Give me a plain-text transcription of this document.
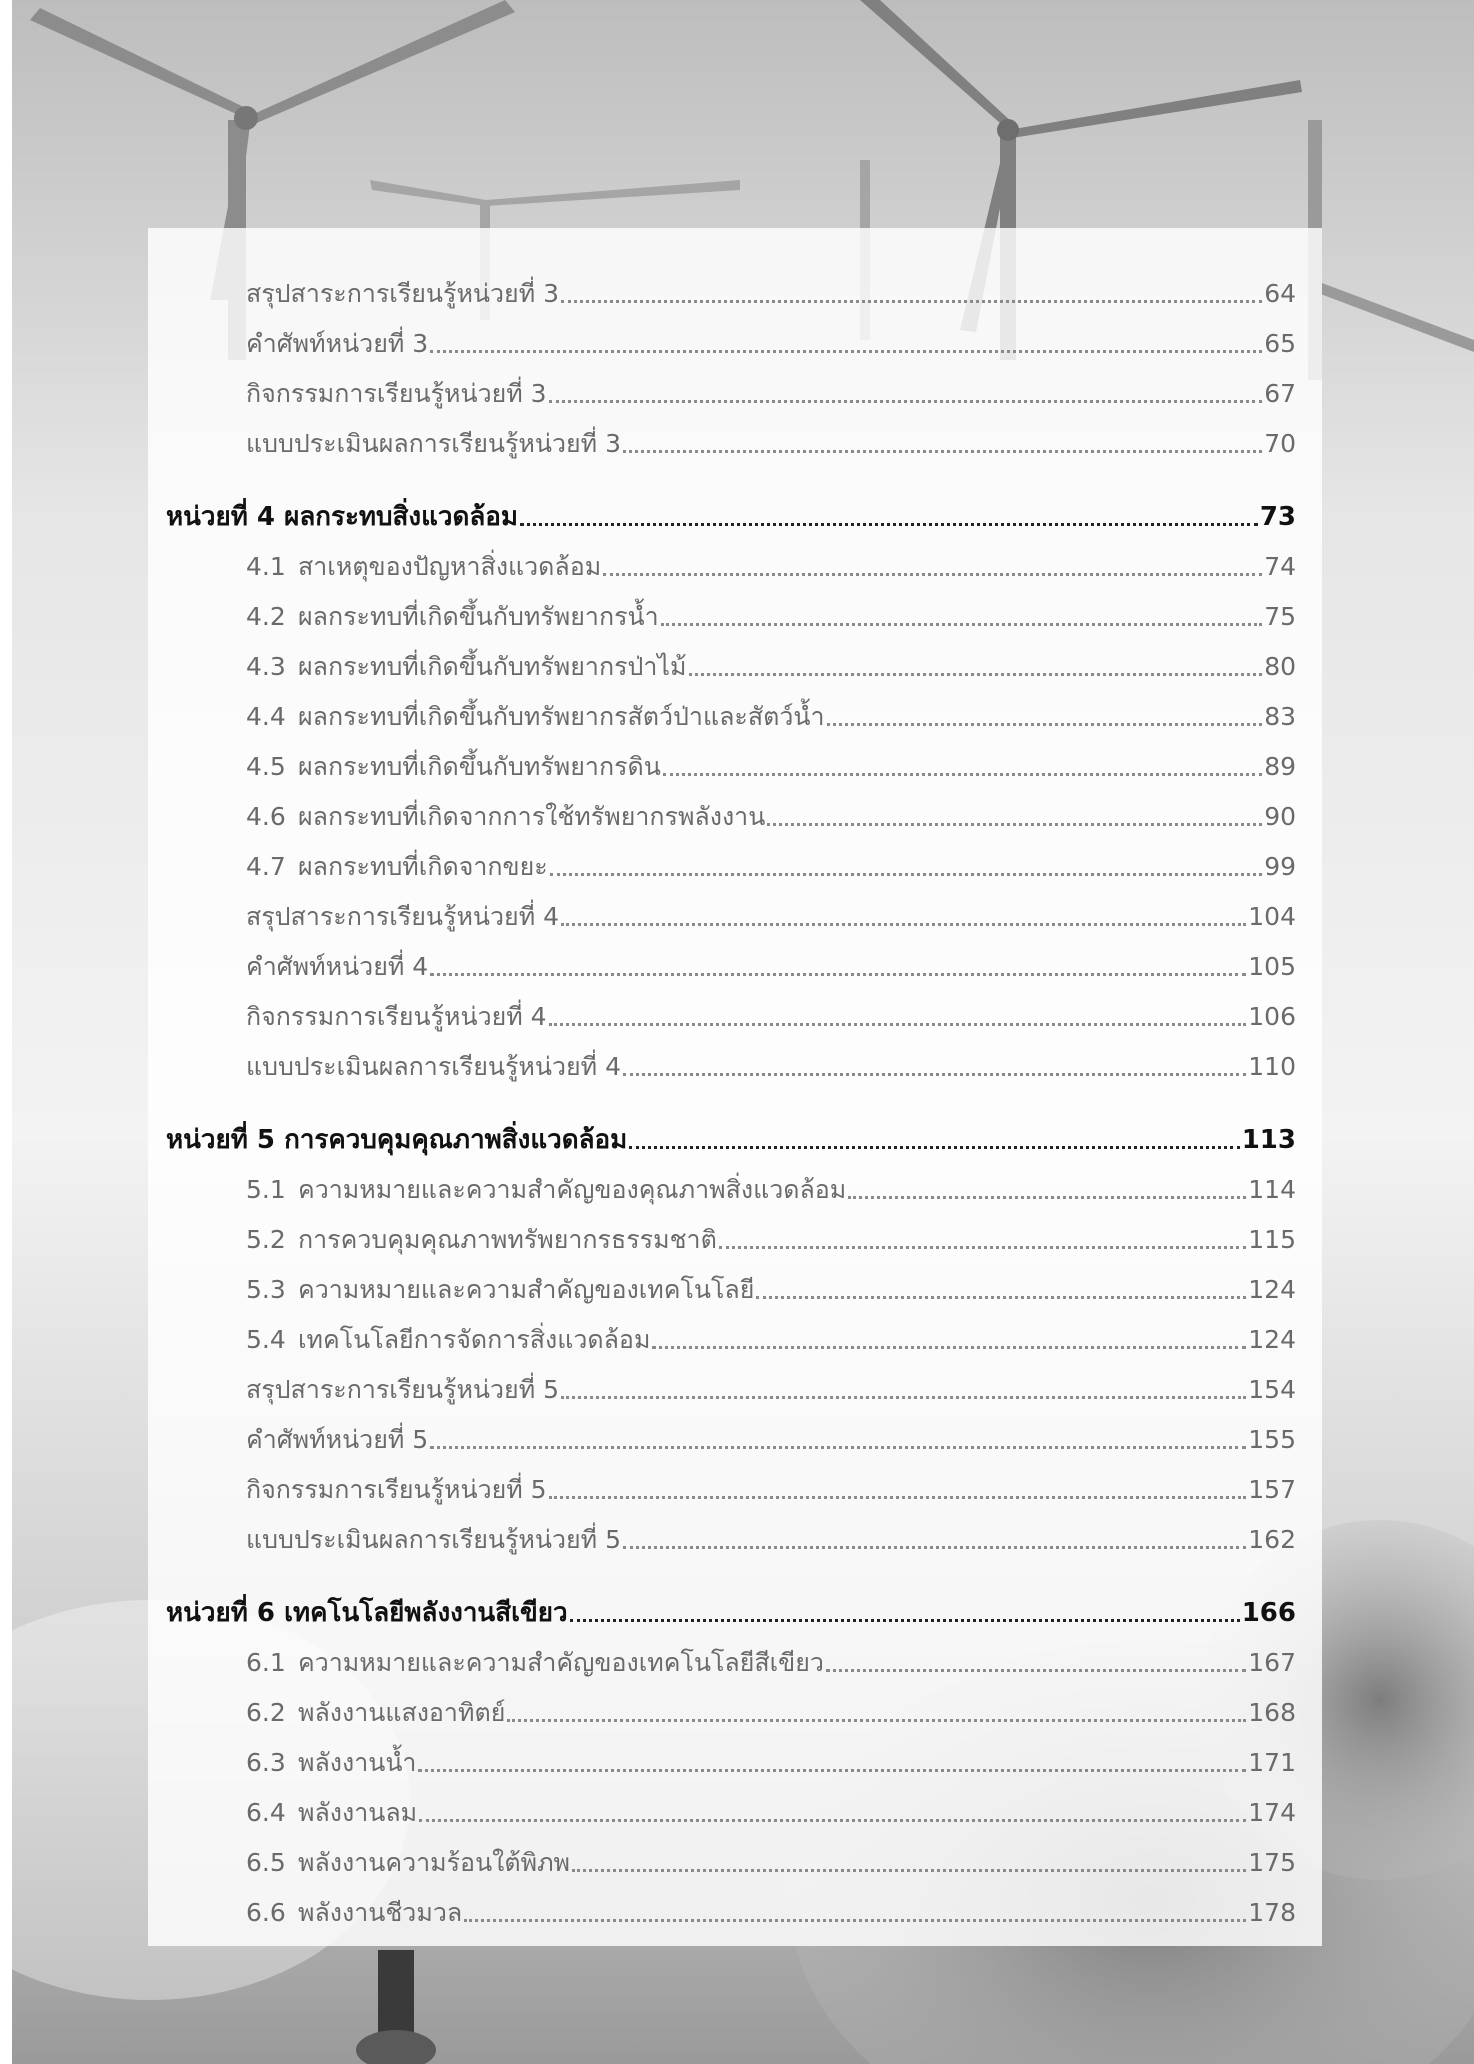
สรุปสาระการเรียนรู้หน่วยที่ 3	64
คำศัพท์หน่วยที่ 3	65
กิจกรรมการเรียนรู้หน่วยที่ 3	67
แบบประเมินผลการเรียนรู้หน่วยที่ 3	70
หน่วยที่ 4 ผลกระทบสิ่งแวดล้อม	73
4.1 สาเหตุของปัญหาสิ่งแวดล้อม	74
4.2 ผลกระทบที่เกิดขึ้นกับทรัพยากรน้ำ	75
4.3 ผลกระทบที่เกิดขึ้นกับทรัพยากรป่าไม้	80
4.4 ผลกระทบที่เกิดขึ้นกับทรัพยากรสัตว์ป่าและสัตว์น้ำ	83
4.5 ผลกระทบที่เกิดขึ้นกับทรัพยากรดิน	89
4.6 ผลกระทบที่เกิดจากการใช้ทรัพยากรพลังงาน	90
4.7 ผลกระทบที่เกิดจากขยะ	99
สรุปสาระการเรียนรู้หน่วยที่ 4	104
คำศัพท์หน่วยที่ 4	105
กิจกรรมการเรียนรู้หน่วยที่ 4	106
แบบประเมินผลการเรียนรู้หน่วยที่ 4	110
หน่วยที่ 5 การควบคุมคุณภาพสิ่งแวดล้อม	113
5.1 ความหมายและความสำคัญของคุณภาพสิ่งแวดล้อม	114
5.2 การควบคุมคุณภาพทรัพยากรธรรมชาติ	115
5.3 ความหมายและความสำคัญของเทคโนโลยี	124
5.4 เทคโนโลยีการจัดการสิ่งแวดล้อม	124
สรุปสาระการเรียนรู้หน่วยที่ 5	154
คำศัพท์หน่วยที่ 5	155
กิจกรรมการเรียนรู้หน่วยที่ 5	157
แบบประเมินผลการเรียนรู้หน่วยที่ 5	162
หน่วยที่ 6 เทคโนโลยีพลังงานสีเขียว	166
6.1 ความหมายและความสำคัญของเทคโนโลยีสีเขียว	167
6.2 พลังงานแสงอาทิตย์	168
6.3 พลังงานน้ำ	171
6.4 พลังงานลม	174
6.5 พลังงานความร้อนใต้พิภพ	175
6.6 พลังงานชีวมวล	178
